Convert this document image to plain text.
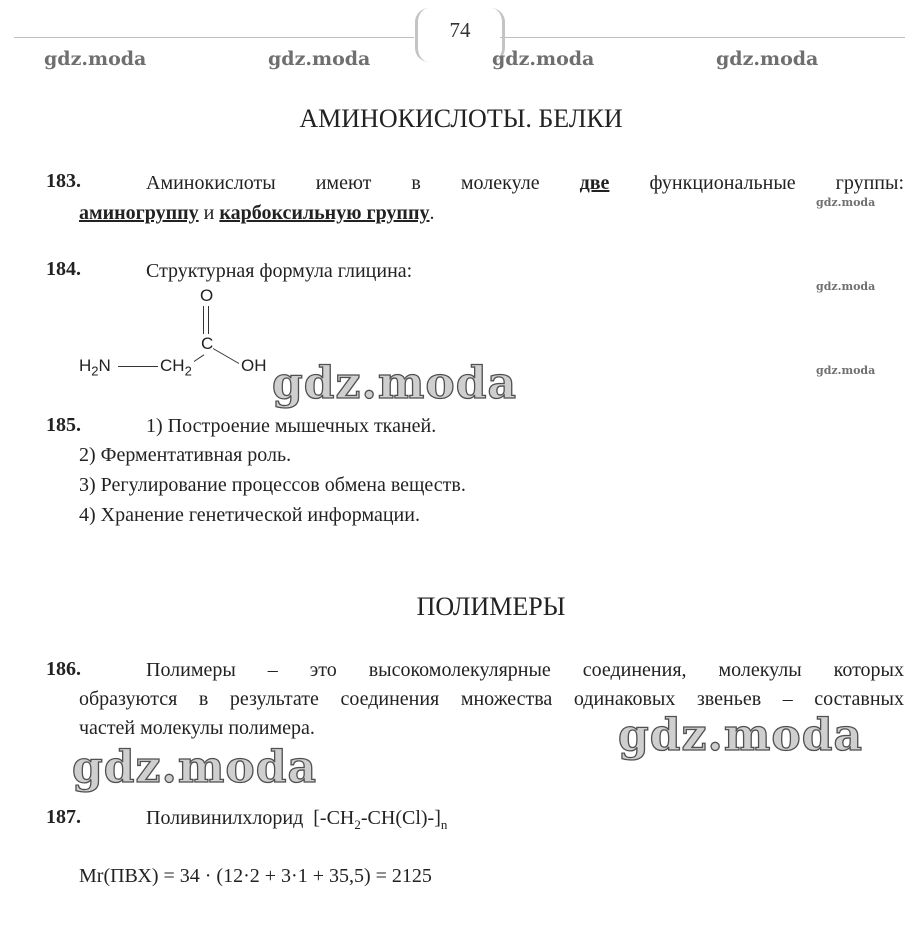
74
gdz.moda	gdz.moda	gdz.moda	gdz.moda
АМИНОКИСЛОТЫ. БЕЛКИ
183.	Аминокислоты имеют в молекуле две функциональные группы:
аминогруппу и карбоксильную группу.	gdz.moda
184.	Структурная формула глицина:
gdz.moda
gdz.moda
O
C
OH
$H_2N$	$CH_2$ gdz.moda
185.	1) Построение мышечных тканей.
2) Ферментативная роль.
3) Регулирование процессов обмена веществ.
4) Хранение генетической информации.
ПОЛИМЕРЫ
186.	Полимеры – это высокомолекулярные соединения, молекулы которых
образуются в результате соединения множества одинаковых звеньев – составных
частей молекулы полимера.	gdz.moda
gdz.moda
187.	Поливинилхлорид $[-CH_2-CH(Cl)-]_n$
Mr(ПВХ) = 34 · (12·2 + 3·1 + 35,5) = 2125
